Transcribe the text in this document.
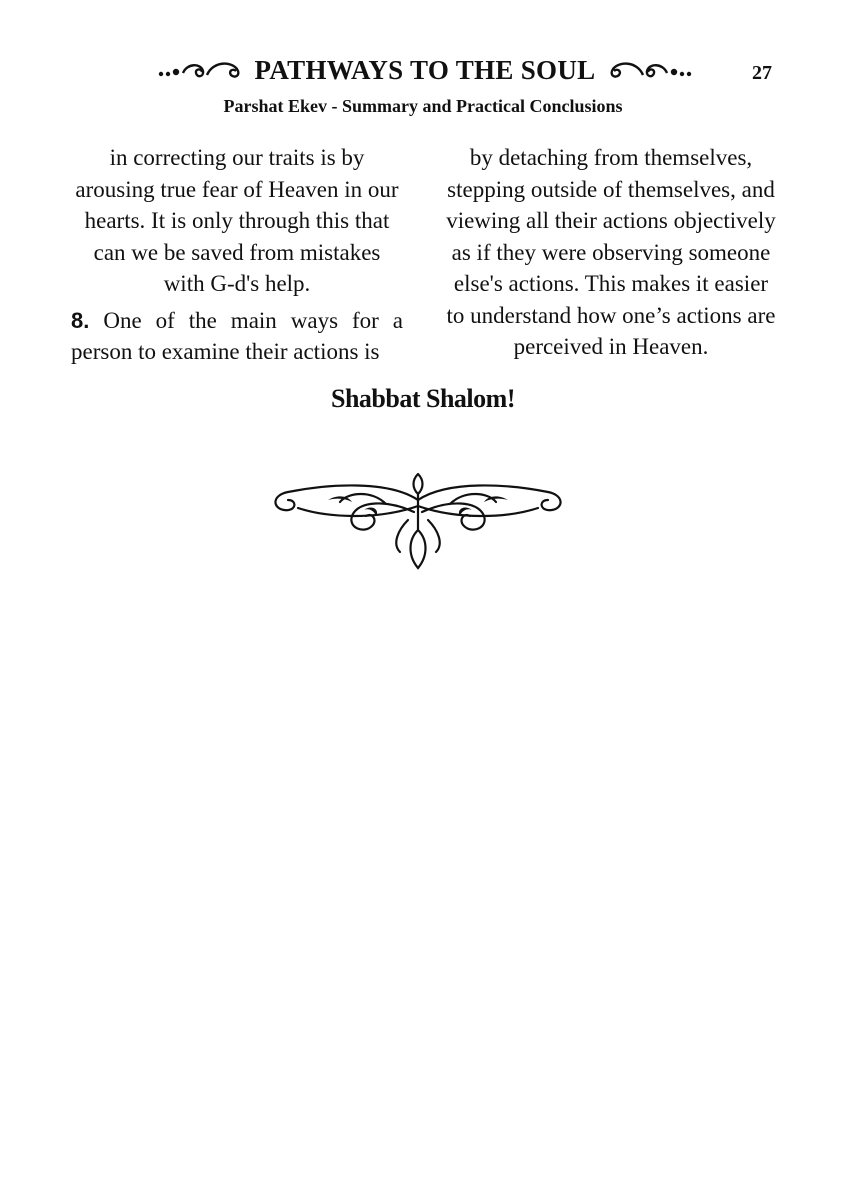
PATHWAYS TO THE SOUL	27
Parshat Ekev - Summary and Practical Conclusions

in correcting our traits is by arousing true fear of Heaven in our hearts. It is only through this that can we be saved from mistakes with G-d's help.

8. One of the main ways for a person to examine their actions is

by detaching from themselves, stepping outside of themselves, and viewing all their actions objectively as if they were observing someone else's actions. This makes it easier to understand how one’s actions are perceived in Heaven.

Shabbat Shalom!
